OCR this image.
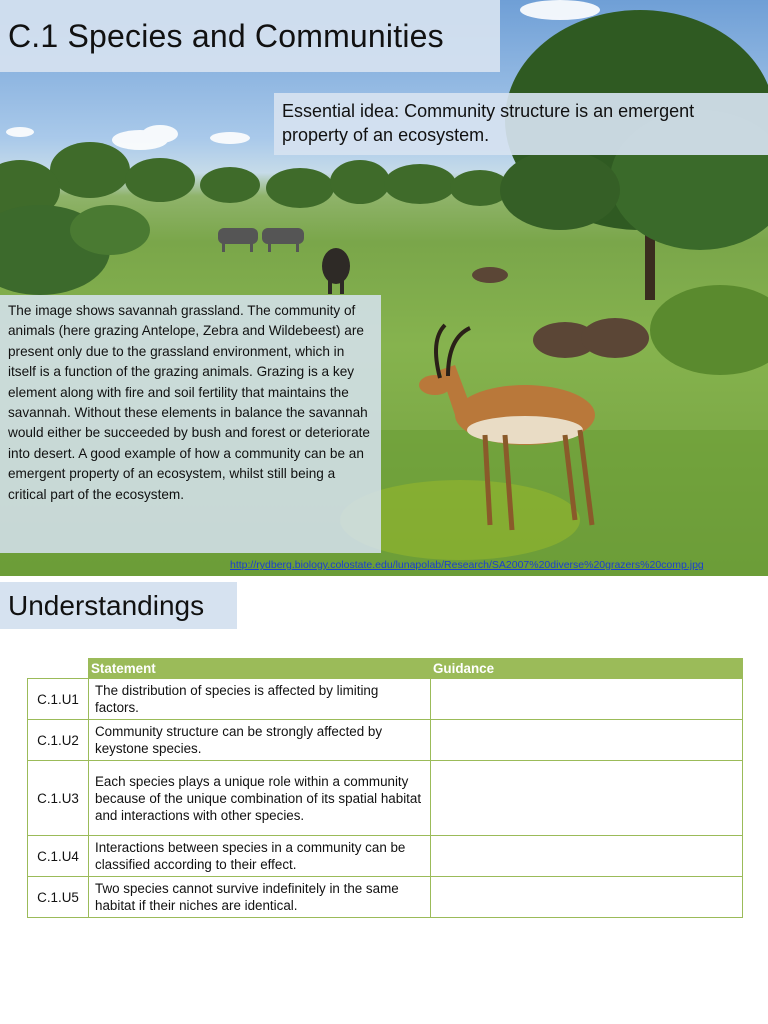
C.1 Species and Communities
Essential idea: Community structure is an emergent property of an ecosystem.
The image shows savannah grassland. The community of animals (here grazing Antelope, Zebra and Wildebeest) are present only due to the grassland environment, which in itself is a function of the grazing animals. Grazing is a key element along with fire and soil fertility that maintains the savannah. Without these elements in balance the savannah would either be succeeded by bush and forest or deteriorate into desert. A good example of how a community can be an emergent property of an ecosystem, whilst still being a critical part of the ecosystem.
http://rydberg.biology.colostate.edu/lunapolab/Research/SA2007%20diverse%20grazers%20comp.jpg
Understandings
	Statement	Guidance
C.1.U1	The distribution of species is affected by limiting factors.	
C.1.U2	Community structure can be strongly affected by keystone species.	
C.1.U3	Each species plays a unique role within a community because of the unique combination of its spatial habitat and interactions with other species.	
C.1.U4	Interactions between species in a community can be classified according to their effect.	
C.1.U5	Two species cannot survive indefinitely in the same habitat if their niches are identical.	
